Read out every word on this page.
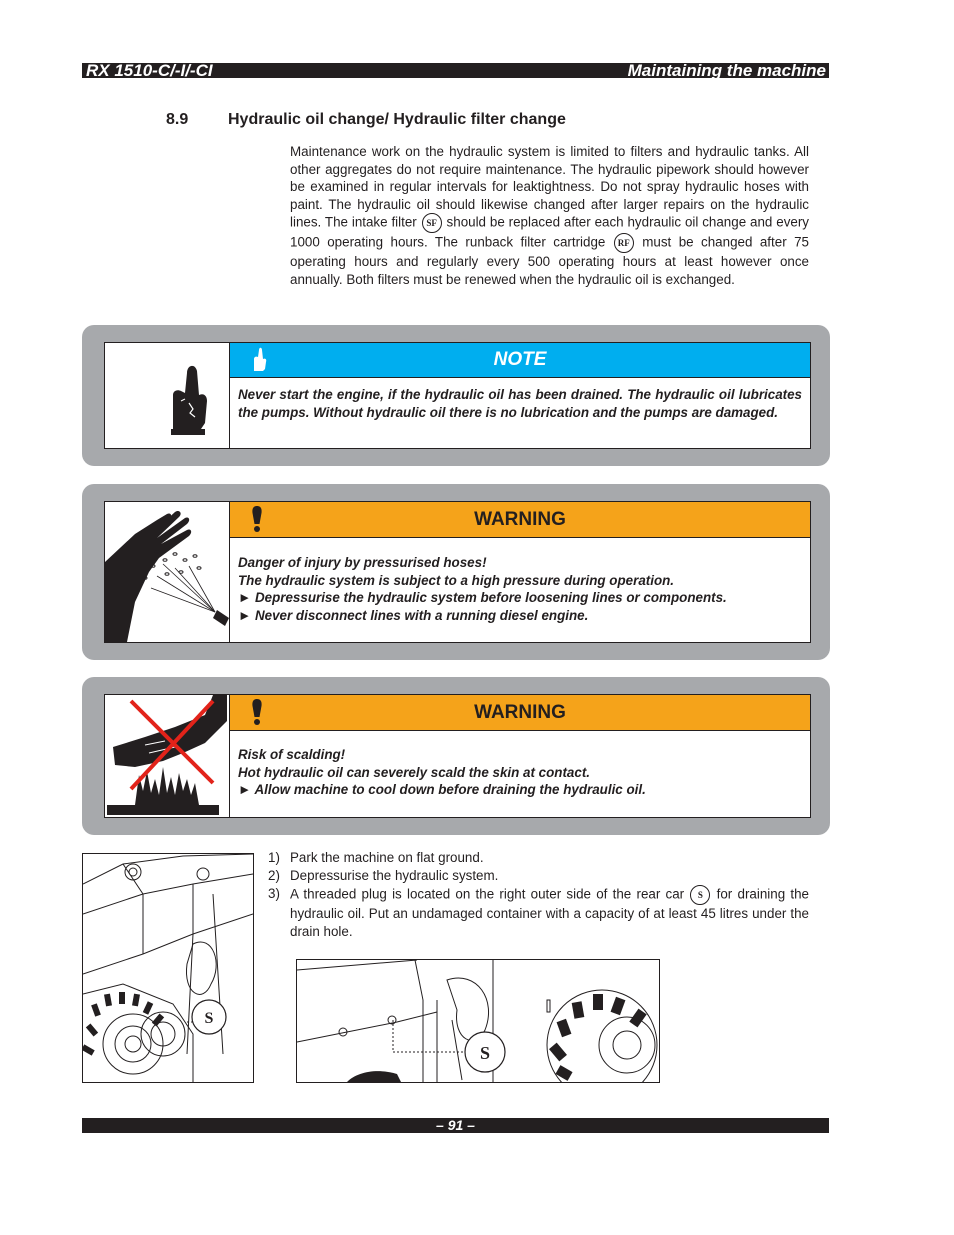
RX 1510-C/-I/-CI	Maintaining the machine
8.9 Hydraulic oil change/ Hydraulic filter change
Maintenance work on the hydraulic system is limited to filters and hydraulic tanks. All other aggregates do not require maintenance. The hydraulic pipework should however be examined in regular intervals for leaktightness. Do not spray hydraulic hoses with paint. The hydraulic oil should likewise changed after larger repairs on the hydraulic lines. The intake filter SF should be replaced after each hydraulic oil change and every 1000 operating hours. The runback filter cartridge RF must be changed after 75 operating hours and regularly every 500 operating hours at least however once annually. Both filters must be renewed when the hydraulic oil is exchanged.
NOTE
Never start the engine, if the hydraulic oil has been drained. The hydraulic oil lubricates the pumps. Without hydraulic oil there is no lubrication and the pumps are damaged.
WARNING
Danger of injury by pressurised hoses!
The hydraulic system is subject to a high pressure during operation.
► Depressurise the hydraulic system before loosening lines or components.
► Never disconnect lines with a running diesel engine.
WARNING
Risk of scalding!
Hot hydraulic oil can severely scald the skin at contact.
► Allow machine to cool down before draining the hydraulic oil.
S
1) Park the machine on flat ground.
2) Depressurise the hydraulic system.
3) A threaded plug is located on the right outer side of the rear car S for draining the hydraulic oil. Put an undamaged container with a capacity of at least 45 litres under the drain hole.
S
– 91 –
